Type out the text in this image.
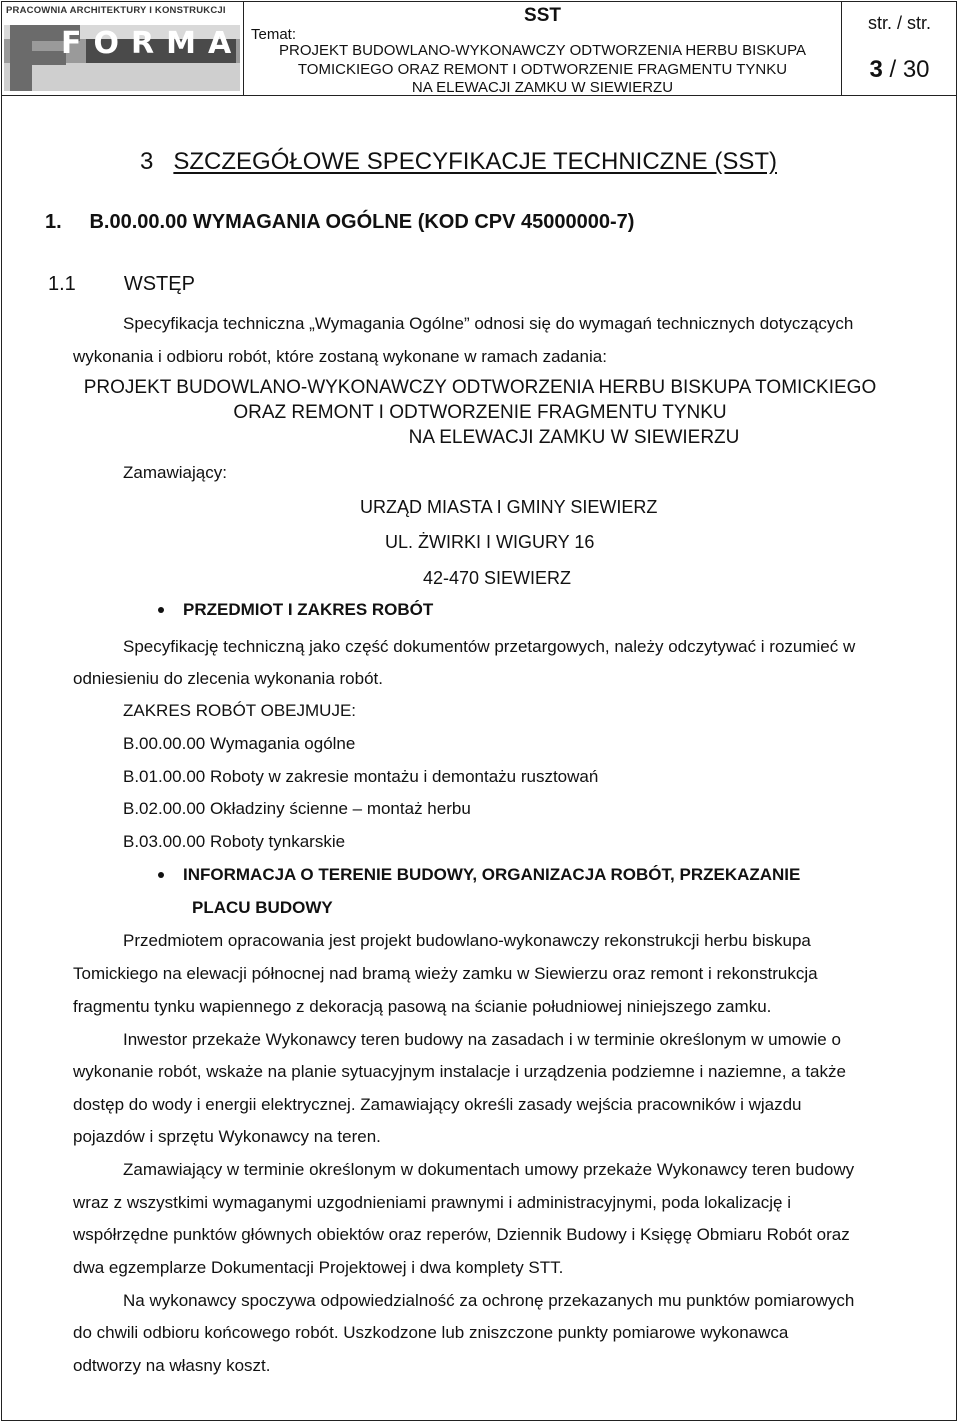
PRACOWNIA ARCHITEKTURY I KONSTRUKCJI
FORMA
SST
Temat:
PROJEKT BUDOWLANO-WYKONAWCZY ODTWORZENIA HERBU BISKUPA
TOMICKIEGO ORAZ REMONT I ODTWORZENIE FRAGMENTU TYNKU
NA ELEWACJI ZAMKU W SIEWIERZU
str. / str.
3 / 30
3 SZCZEGÓŁOWE SPECYFIKACJE TECHNICZNE (SST)
1. B.00.00.00 WYMAGANIA OGÓLNE (KOD CPV 45000000-7)
1.1 WSTĘP
Specyfikacja techniczna „Wymagania Ogólne” odnosi się do wymagań technicznych dotyczących
wykonania i odbioru robót, które zostaną wykonane w ramach zadania:
PROJEKT BUDOWLANO-WYKONAWCZY ODTWORZENIA HERBU BISKUPA TOMICKIEGO
ORAZ REMONT I ODTWORZENIE FRAGMENTU TYNKU
NA ELEWACJI ZAMKU W SIEWIERZU
Zamawiający:
URZĄD MIASTA I GMINY SIEWIERZ
UL. ŻWIRKI I WIGURY 16
42-470 SIEWIERZ
PRZEDMIOT I ZAKRES ROBÓT
Specyfikację techniczną jako część dokumentów przetargowych, należy odczytywać i rozumieć w
odniesieniu do zlecenia wykonania robót.
ZAKRES ROBÓT OBEJMUJE:
B.00.00.00 Wymagania ogólne
B.01.00.00 Roboty w zakresie montażu i demontażu rusztowań
B.02.00.00 Okładziny ścienne – montaż herbu
B.03.00.00 Roboty tynkarskie
INFORMACJA O TERENIE BUDOWY, ORGANIZACJA ROBÓT, PRZEKAZANIE
PLACU BUDOWY
Przedmiotem opracowania jest projekt budowlano-wykonawczy rekonstrukcji herbu biskupa
Tomickiego na elewacji północnej nad bramą wieży zamku w Siewierzu oraz remont i rekonstrukcja
fragmentu tynku wapiennego z dekoracją pasową na ścianie południowej niniejszego zamku.
Inwestor przekaże Wykonawcy teren budowy na zasadach i w terminie określonym w umowie o
wykonanie robót, wskaże na planie sytuacyjnym instalacje i urządzenia podziemne i naziemne, a także
dostęp do wody i energii elektrycznej. Zamawiający określi zasady wejścia pracowników i wjazdu
pojazdów i sprzętu Wykonawcy na teren.
Zamawiający w terminie określonym w dokumentach umowy przekaże Wykonawcy teren budowy
wraz z wszystkimi wymaganymi uzgodnieniami prawnymi i administracyjnymi, poda lokalizację i
współrzędne punktów głównych obiektów oraz reperów, Dziennik Budowy i Księgę Obmiaru Robót oraz
dwa egzemplarze Dokumentacji Projektowej i dwa komplety STT.
Na wykonawcy spoczywa odpowiedzialność za ochronę przekazanych mu punktów pomiarowych
do chwili odbioru końcowego robót. Uszkodzone lub zniszczone punkty pomiarowe wykonawca
odtworzy na własny koszt.
